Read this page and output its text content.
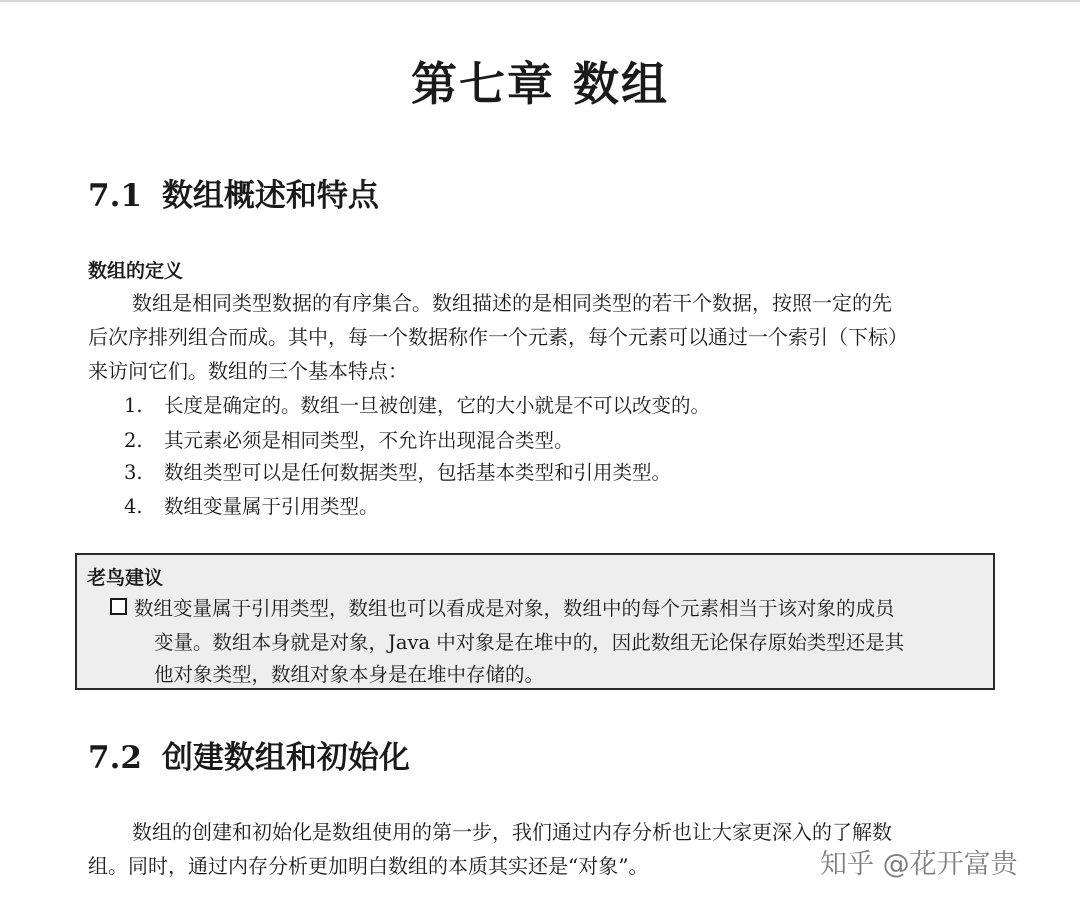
第七章 数组
7.1 数组概述和特点
数组的定义
数组是相同类型数据的有序集合。数组描述的是相同类型的若干个数据，按照一定的先
后次序排列组合而成。其中，每一个数据称作一个元素，每个元素可以通过一个索引（下标）
来访问它们。数组的三个基本特点：
1. 长度是确定的。数组一旦被创建，它的大小就是不可以改变的。
2. 其元素必须是相同类型，不允许出现混合类型。
3. 数组类型可以是任何数据类型，包括基本类型和引用类型。
4. 数组变量属于引用类型。
老鸟建议
数组变量属于引用类型，数组也可以看成是对象，数组中的每个元素相当于该对象的成员
变量。数组本身就是对象，Java 中对象是在堆中的，因此数组无论保存原始类型还是其
他对象类型，数组对象本身是在堆中存储的。
7.2 创建数组和初始化
数组的创建和初始化是数组使用的第一步，我们通过内存分析也让大家更深入的了解数
组。同时，通过内存分析更加明白数组的本质其实还是“对象”。	知乎 @花开富贵
